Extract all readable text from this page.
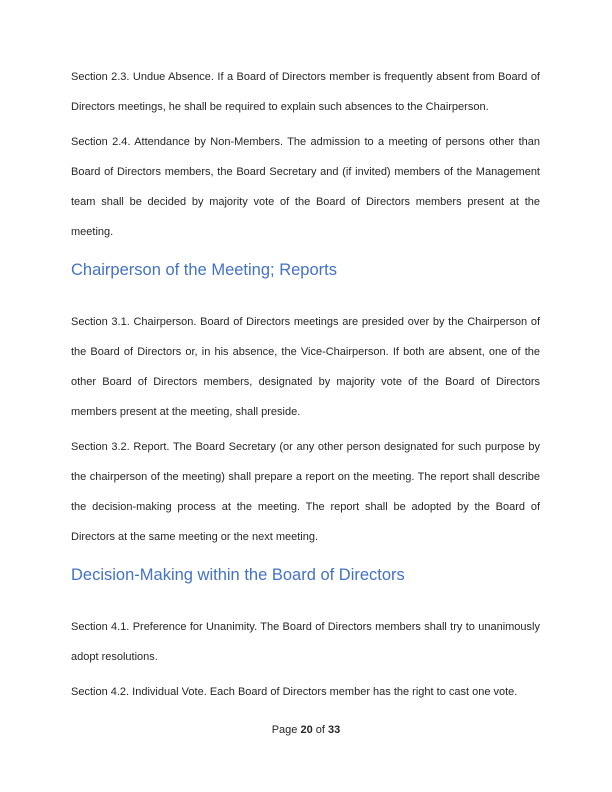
Section 2.3. Undue Absence. If a Board of Directors member is frequently absent from Board of Directors meetings, he shall be required to explain such absences to the Chairperson.

Section 2.4. Attendance by Non-Members. The admission to a meeting of persons other than Board of Directors members, the Board Secretary and (if invited) members of the Management team shall be decided by majority vote of the Board of Directors members present at the meeting.

Chairperson of the Meeting; Reports

Section 3.1. Chairperson. Board of Directors meetings are presided over by the Chairperson of the Board of Directors or, in his absence, the Vice-Chairperson. If both are absent, one of the other Board of Directors members, designated by majority vote of the Board of Directors members present at the meeting, shall preside.

Section 3.2. Report. The Board Secretary (or any other person designated for such purpose by the chairperson of the meeting) shall prepare a report on the meeting. The report shall describe the decision-making process at the meeting. The report shall be adopted by the Board of Directors at the same meeting or the next meeting.

Decision-Making within the Board of Directors

Section 4.1. Preference for Unanimity. The Board of Directors members shall try to unanimously adopt resolutions.

Section 4.2. Individual Vote. Each Board of Directors member has the right to cast one vote.

Page 20 of 33
